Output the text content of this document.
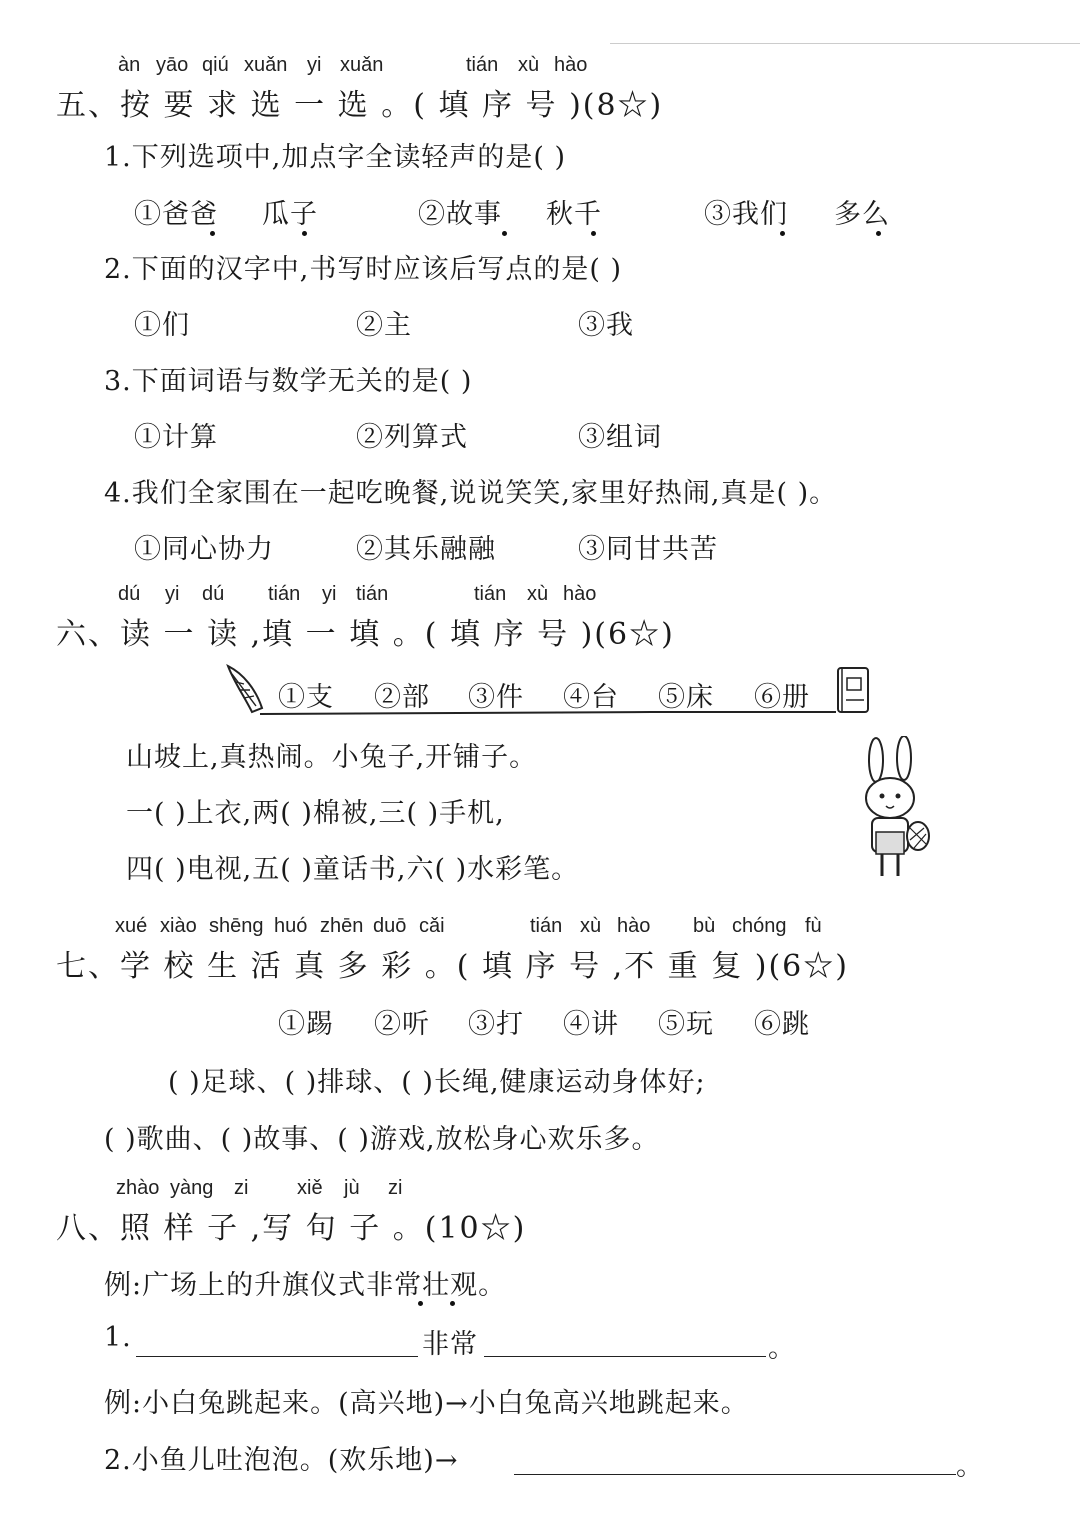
àn yāo qiú xuǎn yi xuǎn	tián xù hào
五、按 要 求 选 一 选 。( 填 序 号 )(8☆)
1.下列选项中,加点字全读轻声的是( )
①爸爸 瓜子	②故事 秋千	③我们 多么
2.下面的汉字中,书写时应该后写点的是( )
①们	②主	③我
3.下面词语与数学无关的是( )
①计算	②列算式	③组词
4.我们全家围在一起吃晚餐,说说笑笑,家里好热闹,真是( )。
①同心协力	②其乐融融	③同甘共苦
dú yi dú tián yi tián	tián xù hào
六、读 一 读 ,填 一 填 。( 填 序 号 )(6☆)
①支 ②部 ③件 ④台 ⑤床 ⑥册
山坡上,真热闹。小兔子,开铺子。
一( )上衣,两( )棉被,三( )手机,
四( )电视,五( )童话书,六( )水彩笔。
xué xiào shēng huó zhēn duō cǎi	tián xù hào bù chóng fù
七、学 校 生 活 真 多 彩 。( 填 序 号 ,不 重 复 )(6☆)
①踢 ②听 ③打 ④讲 ⑤玩 ⑥跳
( )足球、( )排球、( )长绳,健康运动身体好;
( )歌曲、( )故事、( )游戏,放松身心欢乐多。
zhào yàng zi xiě jù zi
八、照 样 子 ,写 句 子 。(10☆)
例:广场上的升旗仪式非常壮观。
1.	非常	。
例:小白兔跳起来。(高兴地)→小白兔高兴地跳起来。
2.小鱼儿吐泡泡。(欢乐地)→	。
